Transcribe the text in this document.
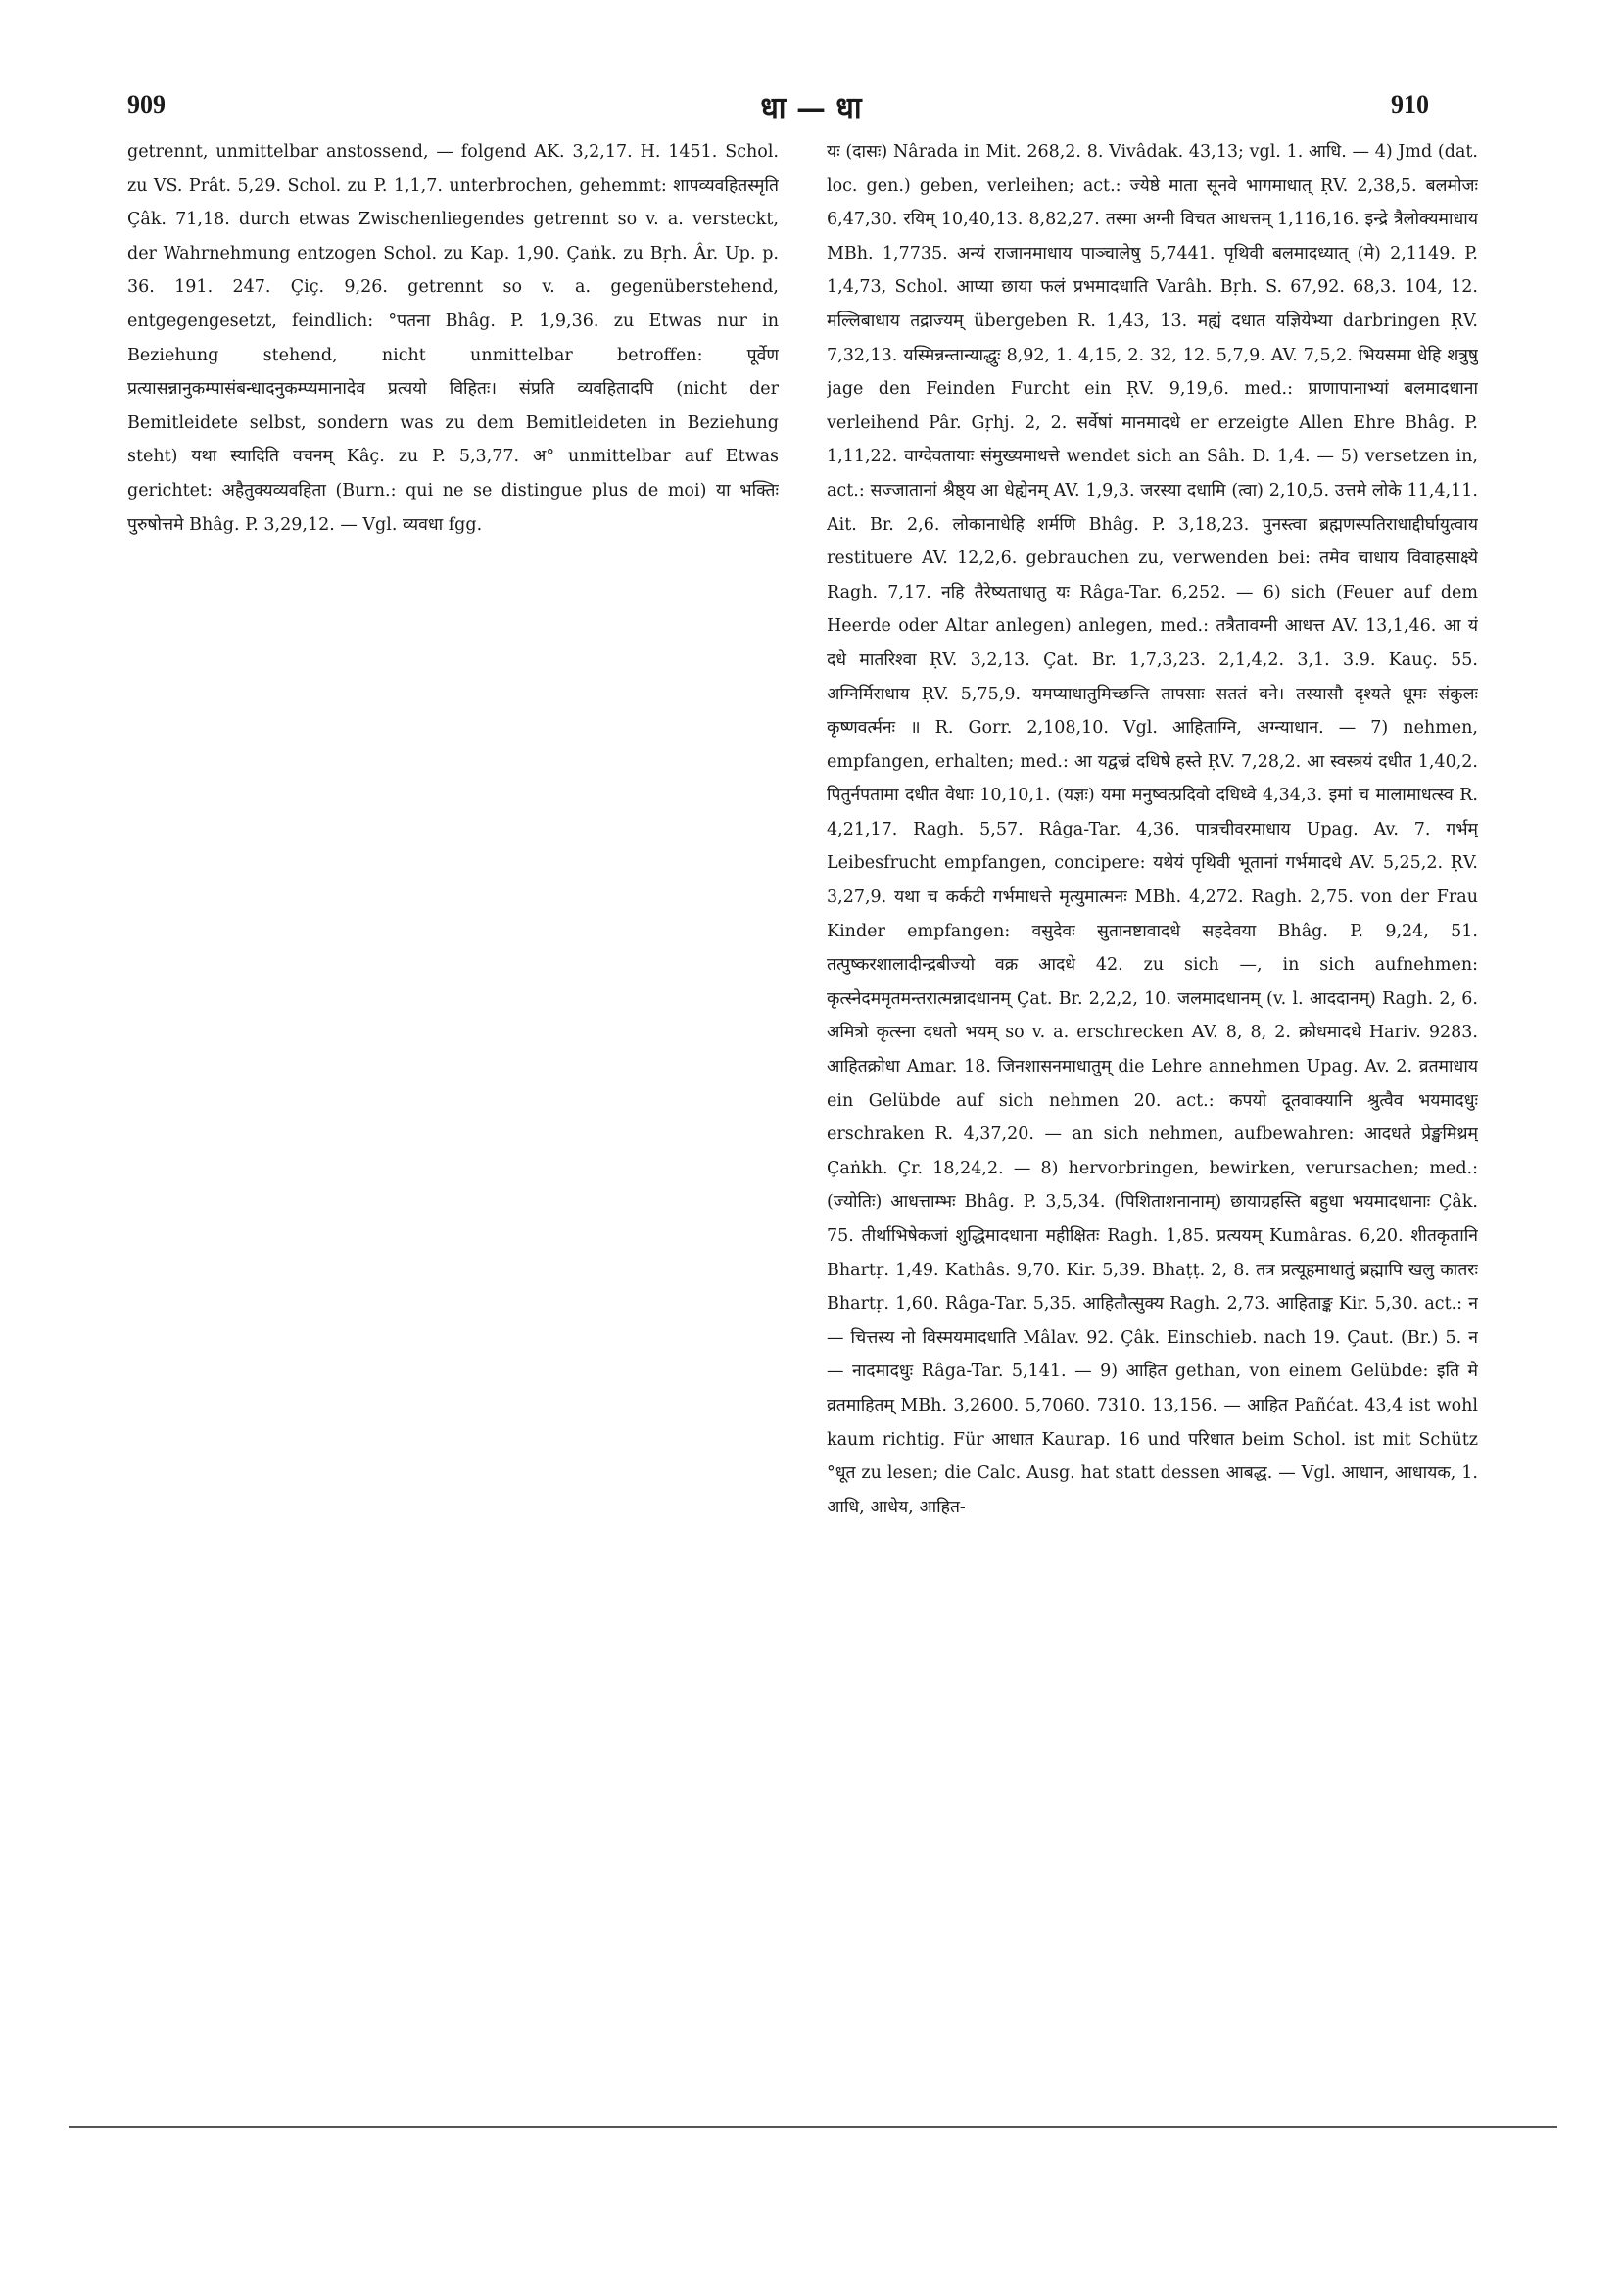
909	धा — धा	910

getrennt, unmittelbar anstossend, — folgend AK. 3,2,17. H. 1451. Schol. zu VS. Prât. 5,29. Schol. zu P. 1,1,7. unterbrochen, gehemmt: शापव्यवहितस्मृति Çâk. 71,18. durch etwas Zwischenliegendes getrennt so v. a. versteckt, der Wahrnehmung entzogen Schol. zu Kap. 1,90. Çaṅk. zu Bṛh. Âr. Up. p. 36. 191. 247. Çiç. 9,26. getrennt so v. a. gegenüberstehend, entgegengesetzt, feindlich: °पतना Bhâg. P. 1,9,36. zu Etwas nur in Beziehung stehend, nicht unmittelbar betroffen: पूर्वेण प्रत्यासन्नानुकम्पासंबन्धादनुकम्प्यमानादेव प्रत्ययो विहितः। संप्रति व्यवहितादपि (nicht der Bemitleidete selbst, sondern was zu dem Bemitleideten in Beziehung steht) यथा स्यादिति वचनम् Kâç. zu P. 5,3,77. अ° unmittelbar auf Etwas gerichtet: अहैतुक्यव्यवहिता (Burn.: qui ne se distingue plus de moi) या भक्तिः पुरुषोत्तमे Bhâg. P. 3,29,12. — Vgl. व्यवधा fgg.

यः (दासः) Nârada in Mit. 268,2. 8. Vivâdak. 43,13; vgl. 1. आधि. — 4) Jmd (dat. loc. gen.) geben, verleihen; act.: ज्येष्ठे माता सूनवे भागमाधात् ṚV. 2,38,5. बलमोजः 6,47,30. रयिम् 10,40,13. 8,82,27. तस्मा अग्नी विचत आधत्तम् 1,116,16. इन्द्रे त्रैलोक्यमाधाय MBh. 1,7735. अन्यं राजानमाधाय पाञ्चालेषु 5,7441. पृथिवी बलमादध्यात् (मे) 2,1149. P. 1,4,73, Schol. आप्या छाया फलं प्रभमादधाति Varâh. Bṛh. S. 67,92. 68,3. 104, 12. मल्लिबाधाय तद्राज्यम् übergeben R. 1,43, 13. मह्यं दधात यज्ञियेभ्या darbringen ṚV. 7,32,13. यस्मिन्नन्तान्याद्धुः 8,92, 1. 4,15, 2. 32, 12. 5,7,9. AV. 7,5,2. भियसमा धेहि शत्रुषु jage den Feinden Furcht ein ṚV. 9,19,6. med.: प्राणापानाभ्यां बलमादधाना verleihend Pâr. Gṛhj. 2, 2. सर्वेषां मानमादधे er erzeigte Allen Ehre Bhâg. P. 1,11,22. वाग्देवतायाः संमुख्यमाधत्ते wendet sich an Sâh. D. 1,4. — 5) versetzen in, act.: सज्जातानां श्रैष्ठ्य आ धेह्येनम् AV. 1,9,3. जरस्या दधामि (त्वा) 2,10,5. उत्तमे लोके 11,4,11. Ait. Br. 2,6. लोकानाधेहि शर्मणि Bhâg. P. 3,18,23. पुनस्त्वा ब्रह्मणस्पतिराधाद्दीर्घायुत्वाय restituere AV. 12,2,6. gebrauchen zu, verwenden bei: तमेव चाधाय विवाहसाक्ष्ये Ragh. 7,17. नहि तैरेष्यताधातु यः Râga-Tar. 6,252. — 6) sich (Feuer auf dem Heerde oder Altar anlegen) anlegen, med.: तत्रैतावग्नी आधत्त AV. 13,1,46. आ यं दधे मातरिश्वा ṚV. 3,2,13. Çat. Br. 1,7,3,23. 2,1,4,2. 3,1. 3.9. Kauç. 55. अग्निर्मिराधाय ṚV. 5,75,9. यमप्याधातुमिच्छन्ति तापसाः सततं वने। तस्यासौ दृश्यते धूमः संकुलः कृष्णवर्त्मनः ॥ R. Gorr. 2,108,10. Vgl. आहिताग्नि, अग्न्याधान. — 7) nehmen, empfangen, erhalten; med.: आ यद्वज्रं दधिषे हस्ते ṚV. 7,28,2. आ स्वस्त्रयं दधीत 1,40,2. पितुर्नपतामा दधीत वेधाः 10,10,1. (यज्ञः) यमा मनुष्वत्प्रदिवो दधिध्वे 4,34,3. इमां च मालामाधत्स्व R. 4,21,17. Ragh. 5,57. Râga-Tar. 4,36. पात्रचीवरमाधाय Upag. Av. 7. गर्भम् Leibesfrucht empfangen, concipere: यथेयं पृथिवी भूतानां गर्भमादधे AV. 5,25,2. ṚV. 3,27,9. यथा च कर्कटी गर्भमाधत्ते मृत्युमात्मनः MBh. 4,272. Ragh. 2,75. von der Frau Kinder empfangen: वसुदेवः सुतानष्टावादधे सहदेवया Bhâg. P. 9,24, 51. तत्पुष्करशालादीन्द्रबीज्यो वक्र आदधे 42. zu sich —, in sich aufnehmen: कृत्स्नेदममृतमन्तरात्मन्नादधानम् Çat. Br. 2,2,2, 10. जलमादधानम् (v. l. आददानम्) Ragh. 2, 6. अमित्रो कृत्स्ना दधतो भयम् so v. a. erschrecken AV. 8, 8, 2. क्रोधमादधे Hariv. 9283. आहितक्रोधा Amar. 18. जिनशासनमाधातुम् die Lehre annehmen Upag. Av. 2. व्रतमाधाय ein Gelübde auf sich nehmen 20. act.: कपयो दूतवाक्यानि श्रुत्वैव भयमादधुः erschraken R. 4,37,20. — an sich nehmen, aufbewahren: आदधते प्रेङ्खमिथ्रम् Çaṅkh. Çr. 18,24,2. — 8) hervorbringen, bewirken, verursachen; med.: (ज्योतिः) आधत्ताम्भः Bhâg. P. 3,5,34. (पिशिताशनानाम्) छायाग्रहस्ति बहुधा भयमादधानाः Çâk. 75. तीर्थाभिषेकजां शुद्धिमादधाना महीक्षितः Ragh. 1,85. प्रत्ययम् Kumâras. 6,20. शीतकृतानि Bhartṛ. 1,49. Kathâs. 9,70. Kir. 5,39. Bhaṭṭ. 2, 8. तत्र प्रत्यूहमाधातुं ब्रह्मापि खलु कातरः Bhartṛ. 1,60. Râga-Tar. 5,35. आहितौत्सुक्य Ragh. 2,73. आहिताङ्क Kir. 5,30. act.: न — चित्तस्य नो विस्मयमादधाति Mâlav. 92. Çâk. Einschieb. nach 19. Çaut. (Br.) 5. न — नादमादधुः Râga-Tar. 5,141. — 9) आहित gethan, von einem Gelübde: इति मे व्रतमाहितम् MBh. 3,2600. 5,7060. 7310. 13,156. — आहित Pañćat. 43,4 ist wohl kaum richtig. Für आधात Kaurap. 16 und परिधात beim Schol. ist mit Schütz °धूत zu lesen; die Calc. Ausg. hat statt dessen आबद्ध. — Vgl. आधान, आधायक, 1. आधि, आधेय, आहित-
